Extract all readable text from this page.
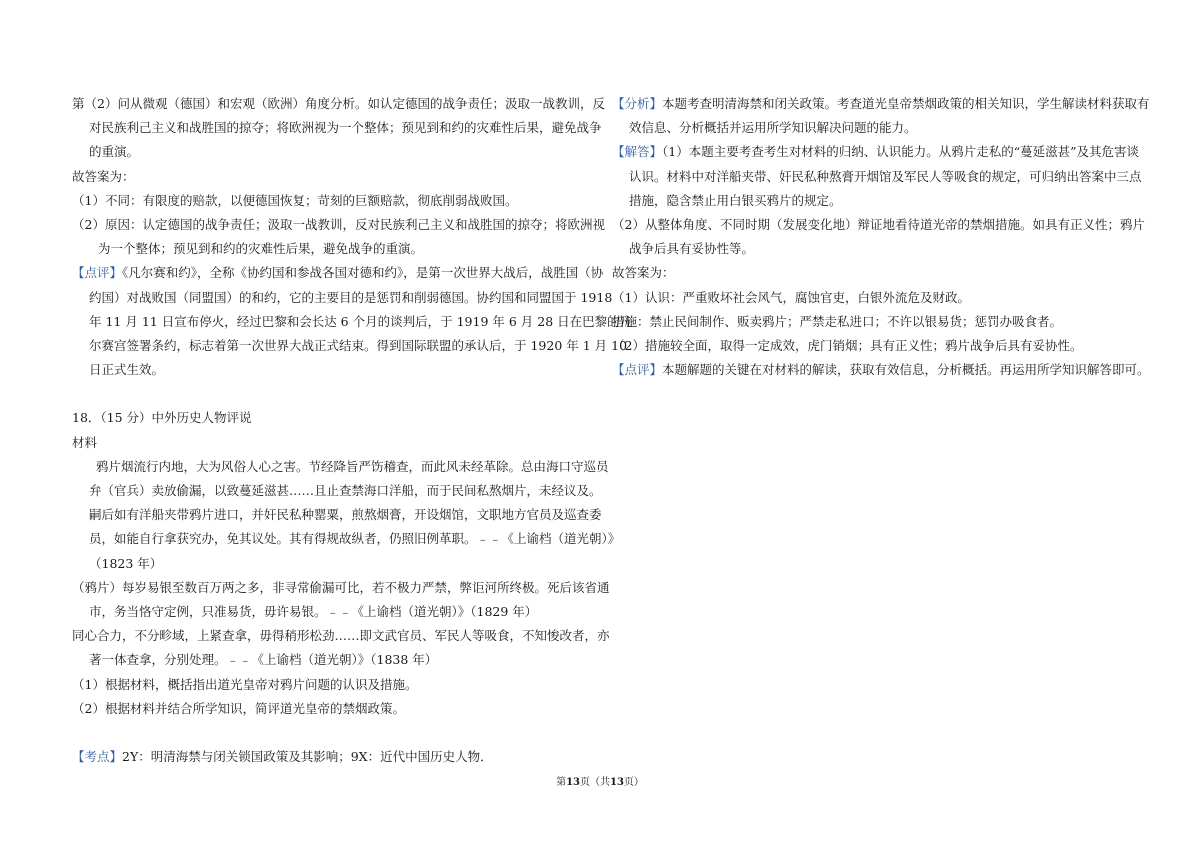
第（2）问从微观（德国）和宏观（欧洲）角度分析。如认定德国的战争责任；汲取一战教训，反

对民族利己主义和战胜国的掠夺；将欧洲视为一个整体；预见到和约的灾难性后果，避免战争

的重演。

故答案为：

（1）不同：有限度的赔款，以便德国恢复；苛刻的巨额赔款，彻底削弱战败国。

（2）原因：认定德国的战争责任；汲取一战教训，反对民族利己主义和战胜国的掠夺；将欧洲视

为一个整体；预见到和约的灾难性后果，避免战争的重演。

【点评】《凡尔赛和约》，全称《协约国和参战各国对德和约》，是第一次世界大战后，战胜国（协

约国）对战败国（同盟国）的和约，它的主要目的是惩罚和削弱德国。协约国和同盟国于 1918

年 11 月 11 日宣布停火，经过巴黎和会长达 6 个月的谈判后，于 1919 年 6 月 28 日在巴黎的凡

尔赛宫签署条约，标志着第一次世界大战正式结束。得到国际联盟的承认后，于 1920 年 1 月 10

日正式生效。

18．（15 分）中外历史人物评说

材料

鸦片烟流行内地，大为风俗人心之害。节经降旨严饬稽查，而此风未经革除。总由海口守巡员

弁（官兵）卖放偷漏，以致蔓延滋甚……且止查禁海口洋船，而于民间私熬烟片，未经议及。

嗣后如有洋船夹带鸦片进口，并奸民私种罂粟，煎熬烟膏，开设烟馆，文职地方官员及巡查委

员，如能自行拿获究办，免其议处。其有得规故纵者，仍照旧例革职。﹣﹣《上谕档（道光朝）》

（1823 年）

（鸦片）每岁易银至数百万两之多，非寻常偷漏可比，若不极力严禁，弊讵河所终极。死后该省通

市，务当恪守定例，只准易货，毋许易银。﹣﹣《上谕档（道光朝）》（1829 年）

同心合力，不分畛域，上紧查拿，毋得稍形松劲……即文武官员、军民人等吸食，不知悛改者，亦

著一体查拿，分别处理。﹣﹣《上谕档（道光朝）》（1838 年）

（1）根据材料，概括指出道光皇帝对鸦片问题的认识及措施。

（2）根据材料并结合所学知识，简评道光皇帝的禁烟政策。

【考点】2Y：明清海禁与闭关锁国政策及其影响；9X：近代中国历史人物．

【分析】本题考查明清海禁和闭关政策。考查道光皇帝禁烟政策的相关知识，学生解读材料获取有

效信息、分析概括并运用所学知识解决问题的能力。

【解答】（1）本题主要考查考生对材料的归纳、认识能力。从鸦片走私的“蔓延滋甚”及其危害谈

认识。材料中对洋船夹带、奸民私种熬膏开烟馆及军民人等吸食的规定，可归纳出答案中三点

措施，隐含禁止用白银买鸦片的规定。

（2）从整体角度、不同时期（发展变化地）辩证地看待道光帝的禁烟措施。如具有正义性；鸦片

战争后具有妥协性等。

故答案为：

（1）认识：严重败坏社会风气，腐蚀官吏，白银外流危及财政。

措施：禁止民间制作、贩卖鸦片；严禁走私进口；不许以银易货；惩罚办吸食者。

（2）措施较全面，取得一定成效，虎门销烟；具有正义性；鸦片战争后具有妥协性。

【点评】本题解题的关键在对材料的解读，获取有效信息，分析概括。再运用所学知识解答即可。

第13页（共13页）
